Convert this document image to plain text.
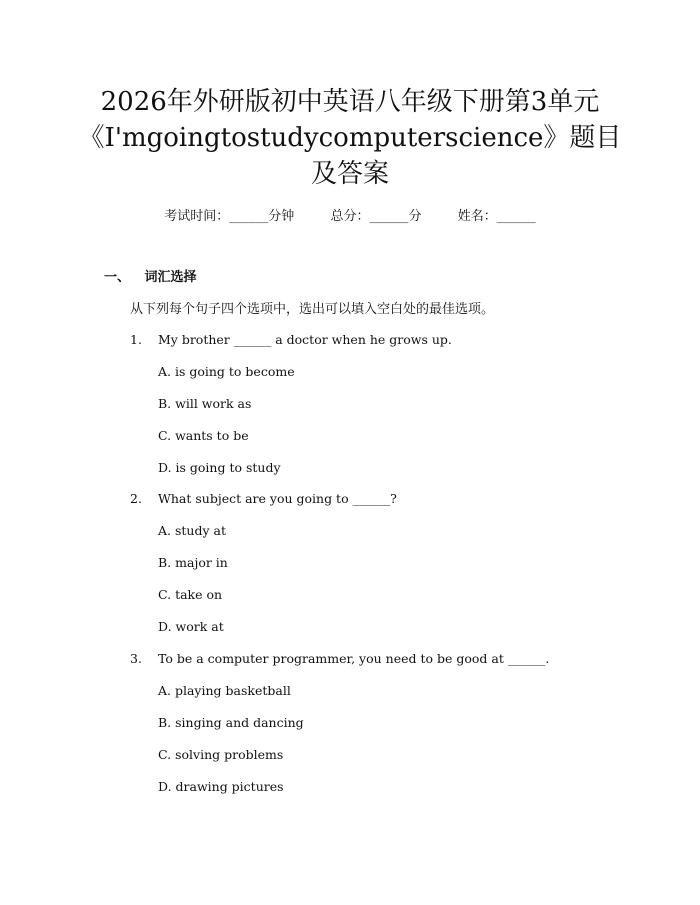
2026年外研版初中英语八年级下册第3单元
《I'mgoingtostudycomputerscience》题目
及答案
考试时间：______分钟	总分：______分	姓名：______
一、 词汇选择
从下列每个句子四个选项中，选出可以填入空白处的最佳选项。
1. My brother ______ a doctor when he grows up.
A. is going to become
B. will work as
C. wants to be
D. is going to study
2. What subject are you going to ______?
A. study at
B. major in
C. take on
D. work at
3. To be a computer programmer, you need to be good at ______.
A. playing basketball
B. singing and dancing
C. solving problems
D. drawing pictures
